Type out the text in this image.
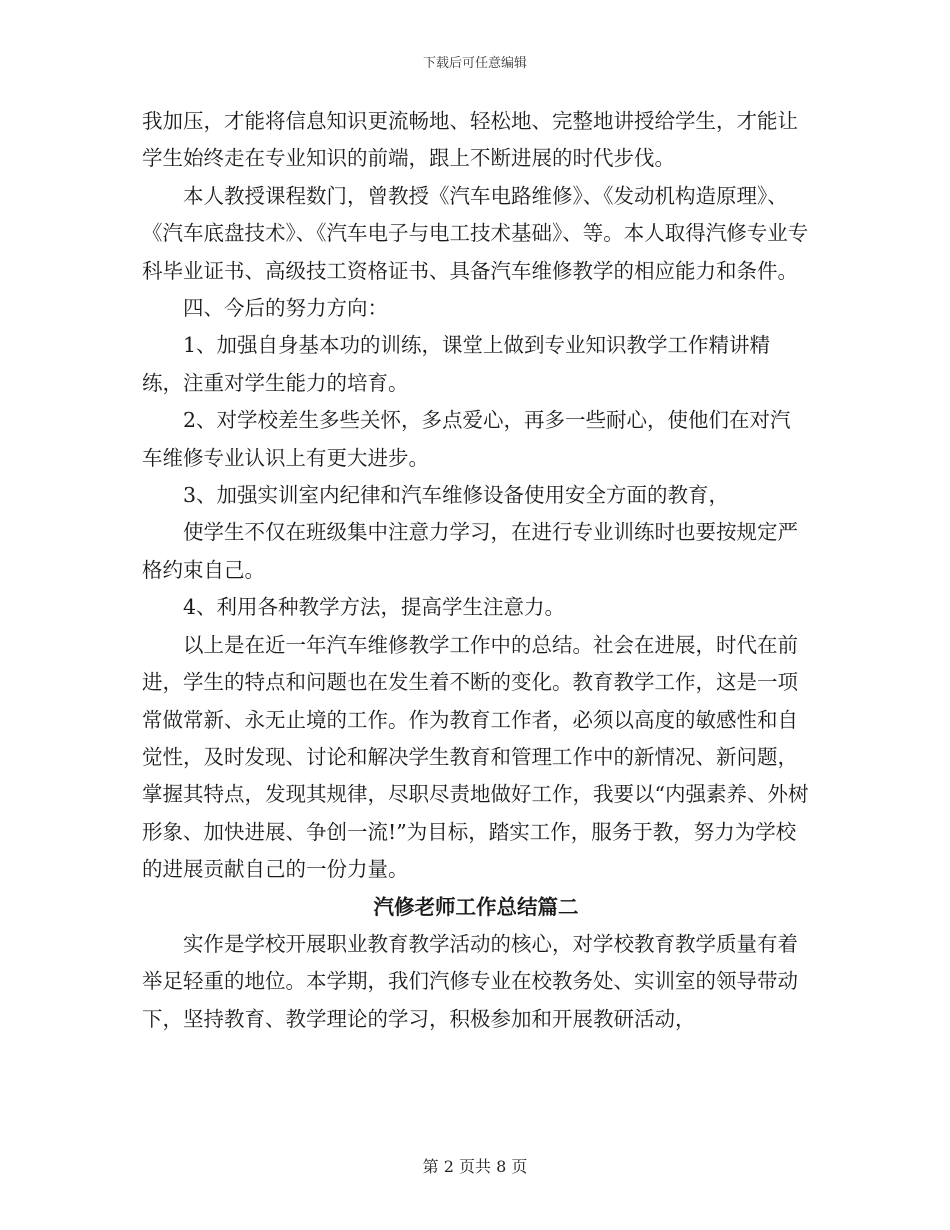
下载后可任意编辑

我加压，才能将信息知识更流畅地、轻松地、完整地讲授给学生，才能让学生始终走在专业知识的前端，跟上不断进展的时代步伐。

本人教授课程数门，曾教授《汽车电路维修》、《发动机构造原理》、《汽车底盘技术》、《汽车电子与电工技术基础》、等。本人取得汽修专业专科毕业证书、高级技工资格证书、具备汽车维修教学的相应能力和条件。

四、今后的努力方向：

1、加强自身基本功的训练，课堂上做到专业知识教学工作精讲精练，注重对学生能力的培育。

2、对学校差生多些关怀，多点爱心，再多一些耐心，使他们在对汽车维修专业认识上有更大进步。

3、加强实训室内纪律和汽车维修设备使用安全方面的教育，

使学生不仅在班级集中注意力学习，在进行专业训练时也要按规定严格约束自己。

4、利用各种教学方法，提高学生注意力。

以上是在近一年汽车维修教学工作中的总结。社会在进展，时代在前进，学生的特点和问题也在发生着不断的变化。教育教学工作，这是一项常做常新、永无止境的工作。作为教育工作者，必须以高度的敏感性和自觉性，及时发现、讨论和解决学生教育和管理工作中的新情况、新问题，掌握其特点，发现其规律，尽职尽责地做好工作，我要以“内强素养、外树形象、加快进展、争创一流!”为目标，踏实工作，服务于教，努力为学校的进展贡献自己的一份力量。

汽修老师工作总结篇二

实作是学校开展职业教育教学活动的核心，对学校教育教学质量有着举足轻重的地位。本学期，我们汽修专业在校教务处、实训室的领导带动下，坚持教育、教学理论的学习，积极参加和开展教研活动，

第 2 页共 8 页
